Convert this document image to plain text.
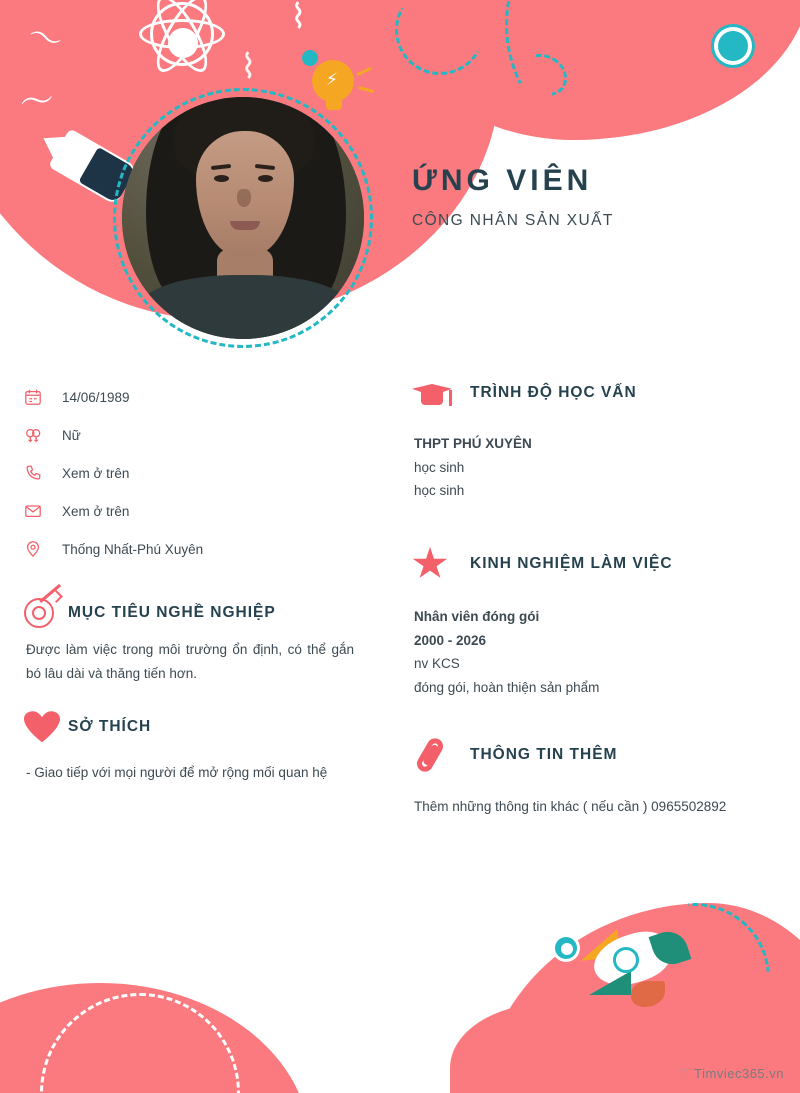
～
～
⌇
⌇	⚡
ỨNG VIÊN
CÔNG NHÂN SẢN XUẤT
14/06/1989
Nữ
Xem ở trên
Xem ở trên
Thống Nhất-Phú Xuyên
MỤC TIÊU NGHỀ NGHIỆP
Được làm việc trong môi trường ổn định, có thể gắn bó lâu dài và thăng tiến hơn.
SỞ THÍCH
- Giao tiếp với mọi người để mở rộng mối quan hệ
TRÌNH ĐỘ HỌC VẤN
THPT PHÚ XUYÊN
học sinh
học sinh
KINH NGHIỆM LÀM VIỆC
Nhân viên đóng gói
2000 - 2026
nv KCS
đóng gói, hoàn thiện sản phẩm
THÔNG TIN THÊM
Thêm những thông tin khác ( nếu cần ) 0965502892
∵ Timviec365.vn
